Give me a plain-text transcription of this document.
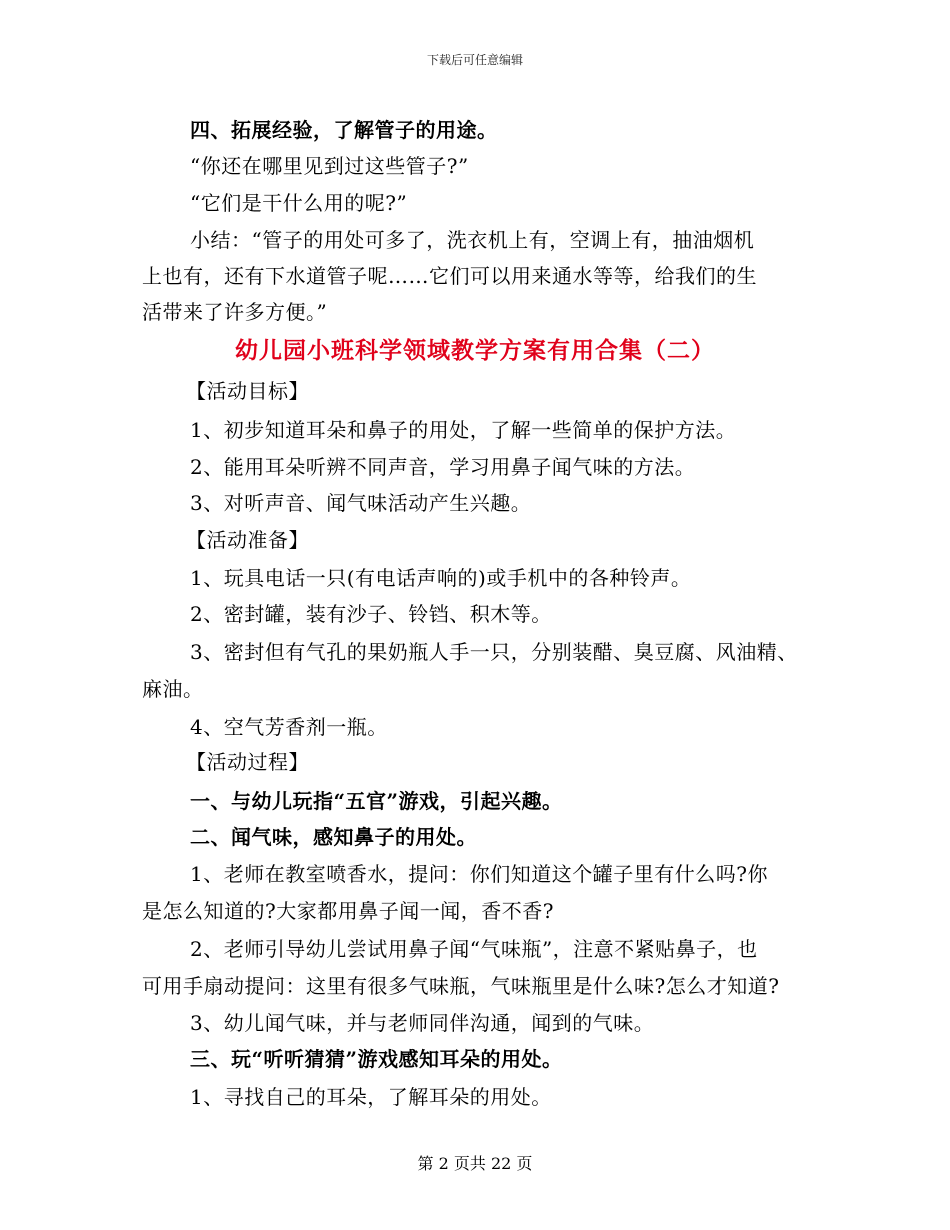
下载后可任意编辑
四、拓展经验，了解管子的用途。
“你还在哪里见到过这些管子?”
“它们是干什么用的呢?”
小结：“管子的用处可多了，洗衣机上有，空调上有，抽油烟机
上也有，还有下水道管子呢……它们可以用来通水等等，给我们的生
活带来了许多方便。”
幼儿园小班科学领域教学方案有用合集（二）
【活动目标】
1、初步知道耳朵和鼻子的用处，了解一些简单的保护方法。
2、能用耳朵听辨不同声音，学习用鼻子闻气味的方法。
3、对听声音、闻气味活动产生兴趣。
【活动准备】
1、玩具电话一只(有电话声响的)或手机中的各种铃声。
2、密封罐，装有沙子、铃铛、积木等。
3、密封但有气孔的果奶瓶人手一只，分别装醋、臭豆腐、风油精、
麻油。
4、空气芳香剂一瓶。
【活动过程】
一、与幼儿玩指“五官”游戏，引起兴趣。
二、闻气味，感知鼻子的用处。
1、老师在教室喷香水，提问：你们知道这个罐子里有什么吗?你
是怎么知道的?大家都用鼻子闻一闻，香不香?
2、老师引导幼儿尝试用鼻子闻“气味瓶”，注意不紧贴鼻子，也
可用手扇动提问：这里有很多气味瓶，气味瓶里是什么味?怎么才知道?
3、幼儿闻气味，并与老师同伴沟通，闻到的气味。
三、玩“听听猜猜”游戏感知耳朵的用处。
1、寻找自己的耳朵，了解耳朵的用处。
第 2 页共 22 页
